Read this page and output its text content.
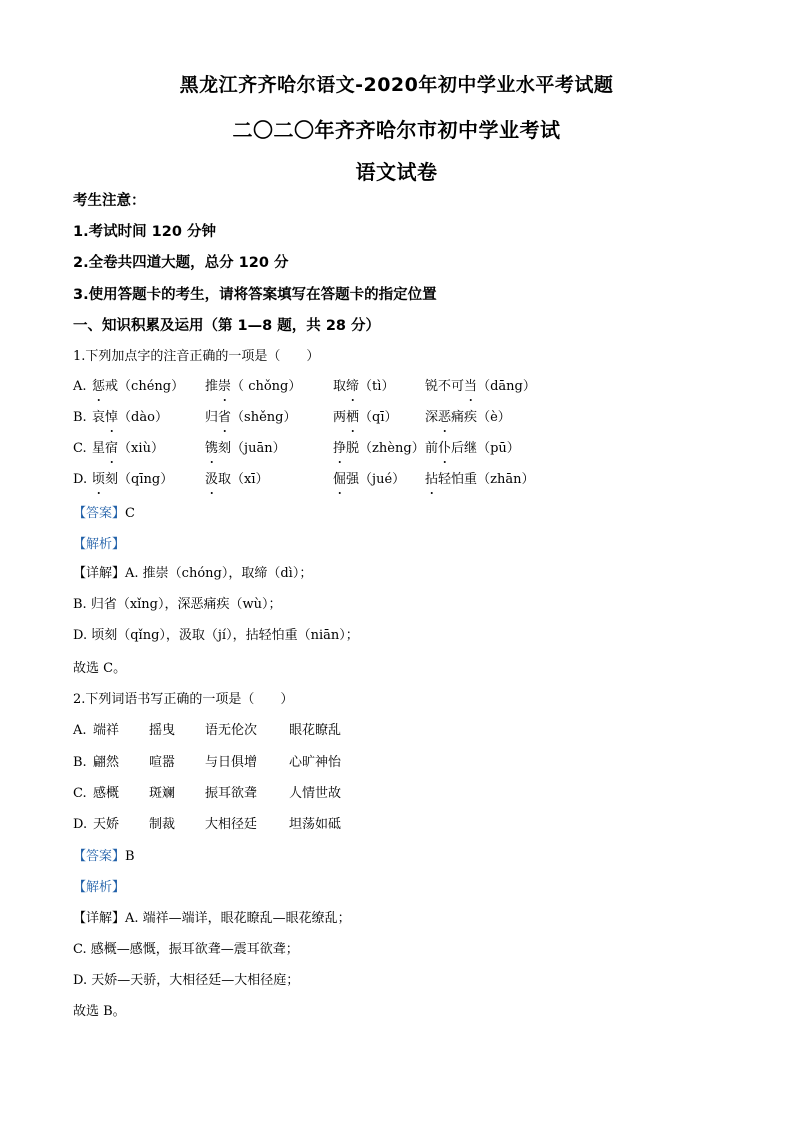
黑龙江齐齐哈尔语文-2020年初中学业水平考试题
二〇二〇年齐齐哈尔市初中学业考试
语文试卷
考生注意：
1.考试时间 120 分钟
2.全卷共四道大题，总分 120 分
3.使用答题卡的考生，请将答案填写在答题卡的指定位置
一、知识积累及运用（第 1—8 题，共 28 分）
1.下列加点字的注音正确的一项是（　　）
A. 惩戒（chéng） 推崇（ chǒng） 取缔（tì） 锐不可当（dāng）
B. 哀悼（dào）	归省（shěng）	两栖（qī） 深恶痛疾（è）
C. 星宿（xiù）	镌刻（juān）	挣脱（zhèng） 前仆后继（pū）
D. 顷刻（qīng） 汲取（xī）	倔强（jué） 拈轻怕重（zhān）
【答案】C
【解析】
【详解】A. 推崇（chóng），取缔（dì）；
B. 归省（xǐng），深恶痛疾（wù）；
D. 顷刻（qǐng），汲取（jí），拈轻怕重（niān）；
故选 C。
2.下列词语书写正确的一项是（　　）
A. 端祥 摇曳 语无伦次 眼花瞭乱
B. 翩然 喧嚣 与日俱增 心旷神怡
C. 感概 斑斓 振耳欲聋 人情世故
D. 天娇 制裁 大相径廷 坦荡如砥
【答案】B
【解析】
【详解】A. 端祥—端详，眼花瞭乱—眼花缭乱；
C. 感概—感慨，振耳欲聋—震耳欲聋；
D. 天娇—天骄，大相径廷—大相径庭；
故选 B。
